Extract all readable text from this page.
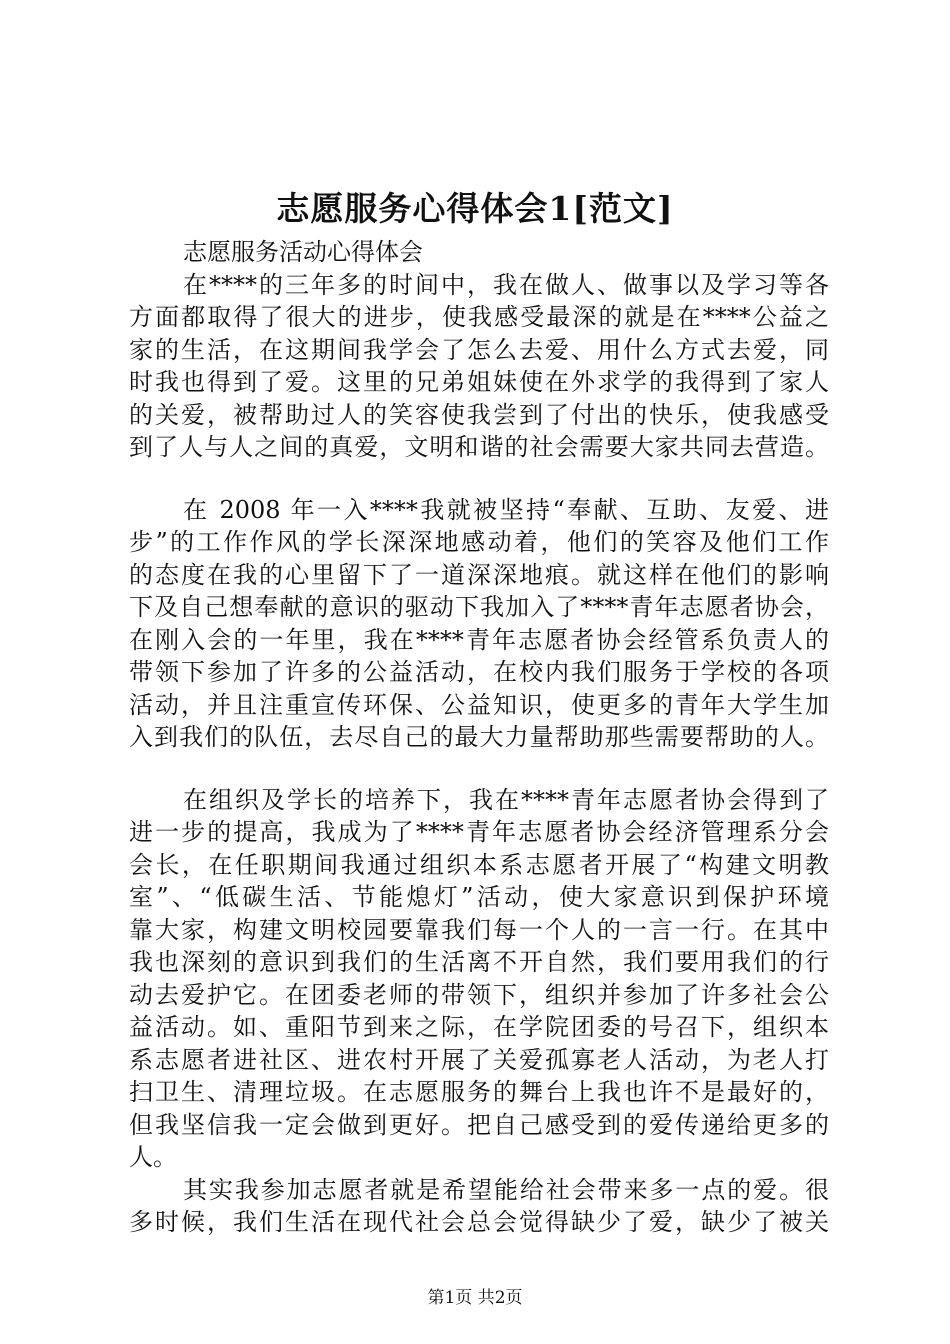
志愿服务心得体会1[范文]
志愿服务活动心得体会
在****的三年多的时间中，我在做人、做事以及学习等各
方面都取得了很大的进步，使我感受最深的就是在****公益之
家的生活，在这期间我学会了怎么去爱、用什么方式去爱，同
时我也得到了爱。这里的兄弟姐妹使在外求学的我得到了家人
的关爱，被帮助过人的笑容使我尝到了付出的快乐，使我感受
到了人与人之间的真爱，文明和谐的社会需要大家共同去营造。
在 2008 年一入****我就被坚持“奉献、互助、友爱、进
步”的工作作风的学长深深地感动着，他们的笑容及他们工作
的态度在我的心里留下了一道深深地痕。就这样在他们的影响
下及自己想奉献的意识的驱动下我加入了****青年志愿者协会，
在刚入会的一年里，我在****青年志愿者协会经管系负责人的
带领下参加了许多的公益活动，在校内我们服务于学校的各项
活动，并且注重宣传环保、公益知识，使更多的青年大学生加
入到我们的队伍，去尽自己的最大力量帮助那些需要帮助的人。
在组织及学长的培养下，我在****青年志愿者协会得到了
进一步的提高，我成为了****青年志愿者协会经济管理系分会
会长，在任职期间我通过组织本系志愿者开展了“构建文明教
室”、“低碳生活、节能熄灯”活动，使大家意识到保护环境
靠大家，构建文明校园要靠我们每一个人的一言一行。在其中
我也深刻的意识到我们的生活离不开自然，我们要用我们的行
动去爱护它。在团委老师的带领下，组织并参加了许多社会公
益活动。如、重阳节到来之际，在学院团委的号召下，组织本
系志愿者进社区、进农村开展了关爱孤寡老人活动，为老人打
扫卫生、清理垃圾。在志愿服务的舞台上我也许不是最好的，
但我坚信我一定会做到更好。把自己感受到的爱传递给更多的
人。
其实我参加志愿者就是希望能给社会带来多一点的爱。很
多时候，我们生活在现代社会总会觉得缺少了爱，缺少了被关
第1页 共2页
